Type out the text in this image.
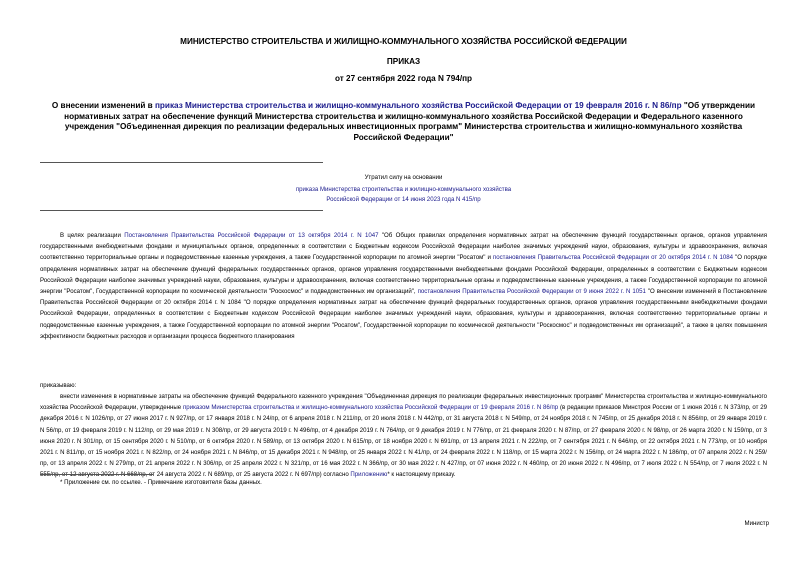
МИНИСТЕРСТВО СТРОИТЕЛЬСТВА И ЖИЛИЩНО-КОММУНАЛЬНОГО ХОЗЯЙСТВА РОССИЙСКОЙ ФЕДЕРАЦИИ
ПРИКАЗ
от 27 сентября 2022 года N 794/пр
О внесении изменений в приказ Министерства строительства и жилищно-коммунального хозяйства Российской Федерации от 19 февраля 2016 г. N 86/пр "Об утверждении нормативных затрат на обеспечение функций Министерства строительства и жилищно-коммунального хозяйства Российской Федерации и Федерального казенного учреждения "Объединенная дирекция по реализации федеральных инвестиционных программ" Министерства строительства и жилищно-коммунального хозяйства Российской Федерации"
Утратил силу на основании
приказа Министерства строительства и жилищно-коммунального хозяйства
Российской Федерации от 14 июня 2023 года N 415/пр
В целях реализации Постановления Правительства Российской Федерации от 13 октября 2014 г. N 1047 "Об Общих правилах определения нормативных затрат на обеспечение функций государственных органов, органов управления государственными внебюджетными фондами и муниципальных органов, определенных в соответствии с Бюджетным кодексом Российской Федерации наиболее значимых учреждений науки, образования, культуры и здравоохранения, включая соответственно территориальные органы и подведомственные казенные учреждения, а также Государственной корпорации по атомной энергии "Росатом" и постановления Правительства Российской Федерации от 20 октября 2014 г. N 1084 "О порядке определения нормативных затрат на обеспечение функций федеральных государственных органов, органов управления государственными внебюджетными фондами Российской Федерации, определенных в соответствии с Бюджетным кодексом Российской Федерации наиболее значимых учреждений науки, образования, культуры и здравоохранения, включая соответственно территориальные органы и подведомственные казенные учреждения, а также Государственной корпорации по атомной энергии "Росатом", Государственной корпорации по космической деятельности "Роскосмос" и подведомственных им организаций", постановления Правительства Российской Федерации от 9 июня 2022 г. N 1051 "О внесении изменений в Постановление Правительства Российской Федерации от 20 октября 2014 г. N 1084 "О порядке определения нормативных затрат на обеспечение функций федеральных государственных органов, органов управления государственными внебюджетными фондами Российской Федерации, определенных в соответствии с Бюджетным кодексом Российской Федерации наиболее значимых учреждений науки, образования, культуры и здравоохранения, включая соответственно территориальные органы и подведомственные казенные учреждения, а также Государственной корпорации по атомной энергии "Росатом", Государственной корпорации по космической деятельности "Роскосмос" и подведомственных им организаций", а также в целях повышения эффективности бюджетных расходов и организации процесса бюджетного планирования
приказываю:
внести изменения в нормативные затраты на обеспечение функций Федерального казенного учреждения "Объединенная дирекция по реализации федеральных инвестиционных программ" Министерства строительства и жилищно-коммунального хозяйства Российской Федерации, утвержденные приказом Министерства строительства и жилищно-коммунального хозяйства Российской Федерации от 19 февраля 2016 г. N 86/пр (в редакции приказов Минстроя России от 1 июня 2016 г. N 373/пр, от 29 декабря 2016 г. N 1026/пр, от 27 июня 2017 г. N 927/пр, от 17 января 2018 г. N 24/пр, от 6 апреля 2018 г. N 211/пр, от 20 июля 2018 г. N 442/пр, от 31 августа 2018 г. N 549/пр, от 24 ноября 2018 г. N 745/пр, от 25 декабря 2018 г. N 856/пр, от 29 января 2019 г. N 56/пр, от 19 февраля 2019 г. N 112/пр, от 29 мая 2019 г. N 308/пр, от 29 августа 2019 г. N 496/пр, от 4 декабря 2019 г. N 764/пр, от 9 декабря 2019 г. N 776/пр, от 21 февраля 2020 г. N 87/пр, от 27 февраля 2020 г. N 98/пр, от 26 марта 2020 г. N 159/пр, от 3 июня 2020 г. N 301/пр, от 15 сентября 2020 г. N 510/пр, от 6 октября 2020 г. N 589/пр, от 13 октября 2020 г. N 615/пр, от 18 ноября 2020 г. N 691/пр, от 13 апреля 2021 г. N 222/пр, от 7 сентября 2021 г. N 646/пр, от 22 октября 2021 г. N 773/пр, от 10 ноября 2021 г. N 811/пр, от 15 ноября 2021 г. N 822/пр, от 24 ноября 2021 г. N 846/пр, от 15 декабря 2021 г. N 948/пр, от 25 января 2022 г. N 41/пр, от 24 февраля 2022 г. N 118/пр, от 15 марта 2022 г. N 156/пр, от 24 марта 2022 г. N 186/пр, от 07 апреля 2022 г. N 259/пр, от 13 апреля 2022 г. N 279/пр, от 21 апреля 2022 г. N 306/пр, от 25 апреля 2022 г. N 321/пр, от 16 мая 2022 г. N 366/пр, от 30 мая 2022 г. N 427/пр, от 07 июня 2022 г. N 460/пр, от 20 июня 2022 г. N 496/пр, от 7 июля 2022 г. N 554/пр, от 7 июля 2022 г. N 555/пр, от 12 августа 2022 г. N 668/пр, от 24 августа 2022 г. N 689/пр, от 25 августа 2022 г. N 697/пр) согласно Приложению* к настоящему приказу.
* Приложение см. по ссылке. - Примечание изготовителя базы данных.
Министр
